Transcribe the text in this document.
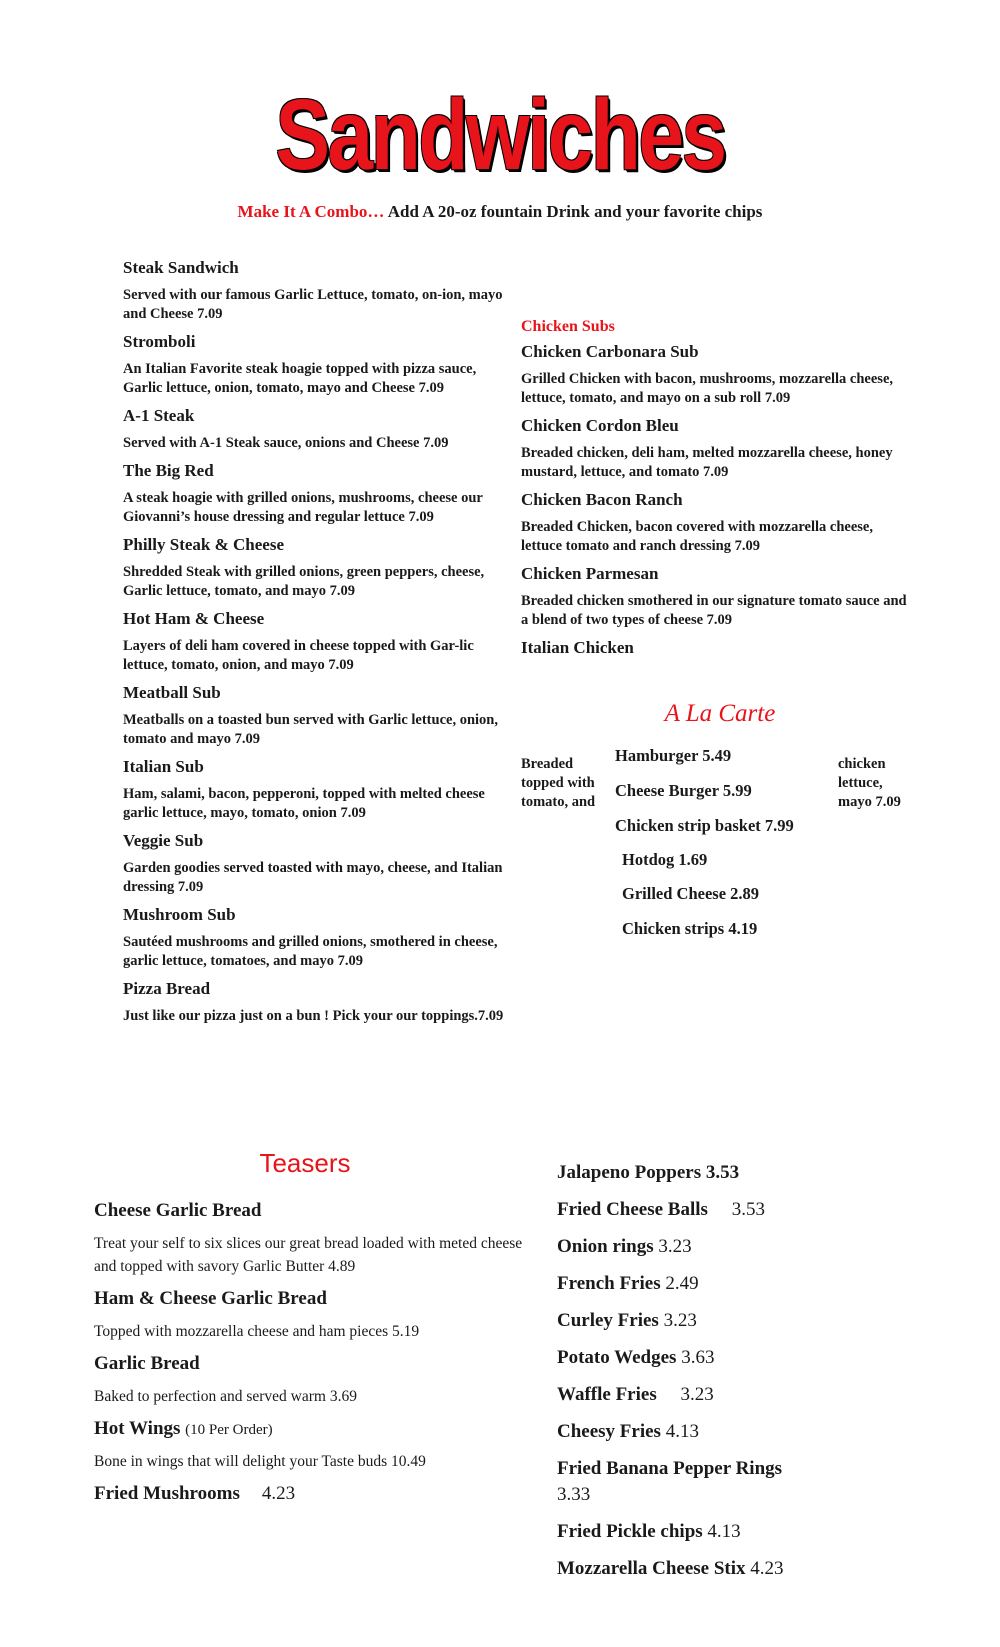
Sandwiches
Make It A Combo… Add A 20-oz fountain Drink and your favorite chips
Steak Sandwich
Served with our famous Garlic Lettuce, tomato, on-ion, mayo and Cheese 7.09
Stromboli
An Italian Favorite steak hoagie topped with pizza sauce, Garlic lettuce, onion, tomato, mayo and Cheese 7.09
A-1 Steak
Served with A-1 Steak sauce, onions and Cheese 7.09
The Big Red
A steak hoagie with grilled onions, mushrooms, cheese our Giovanni’s house dressing and regular lettuce 7.09
Philly Steak & Cheese
Shredded Steak with grilled onions, green peppers, cheese, Garlic lettuce, tomato, and mayo 7.09
Hot Ham & Cheese
Layers of deli ham covered in cheese topped with Gar-lic lettuce, tomato, onion, and mayo 7.09
Meatball Sub
Meatballs on a toasted bun served with Garlic lettuce, onion, tomato and mayo 7.09
Italian Sub
Ham, salami, bacon, pepperoni, topped with melted cheese garlic lettuce, mayo, tomato, onion 7.09
Veggie Sub
Garden goodies served toasted with mayo, cheese, and Italian dressing 7.09
Mushroom Sub
Sautéed mushrooms and grilled onions, smothered in cheese, garlic lettuce, tomatoes, and mayo 7.09
Pizza Bread
Just like our pizza just on a bun ! Pick your our toppings.7.09
Chicken Subs
Chicken Carbonara Sub
Grilled Chicken with bacon, mushrooms, mozzarella cheese, lettuce, tomato, and mayo on a sub roll 7.09
Chicken Cordon Bleu
Breaded chicken, deli ham, melted mozzarella cheese, honey mustard, lettuce, and tomato 7.09
Chicken Bacon Ranch
Breaded Chicken, bacon covered with mozzarella cheese, lettuce tomato and ranch dressing 7.09
Chicken Parmesan
Breaded chicken smothered in our signature tomato sauce and a blend of two types of cheese 7.09
Italian Chicken
A La Carte
Breaded topped with tomato, and
chicken lettuce, mayo 7.09
Hamburger 5.49
Cheese Burger 5.99
Chicken strip basket 7.99
Hotdog 1.69
Grilled Cheese 2.89
Chicken strips 4.19
Teasers
Cheese Garlic Bread
Treat your self to six slices our great bread loaded with meted cheese and topped with savory Garlic Butter 4.89
Ham & Cheese Garlic Bread
Topped with mozzarella cheese and ham pieces 5.19
Garlic Bread
Baked to perfection and served warm 3.69
Hot Wings (10 Per Order)
Bone in wings that will delight your Taste buds 10.49
Fried Mushrooms 4.23
Jalapeno Poppers 3.53
Fried Cheese Balls     3.53
Onion rings 3.23
French Fries 2.49
Curley Fries 3.23
Potato Wedges 3.63
Waffle Fries     3.23
Cheesy Fries 4.13
Fried Banana Pepper Rings 3.33
Fried Pickle chips 4.13
Mozzarella Cheese Stix 4.23
